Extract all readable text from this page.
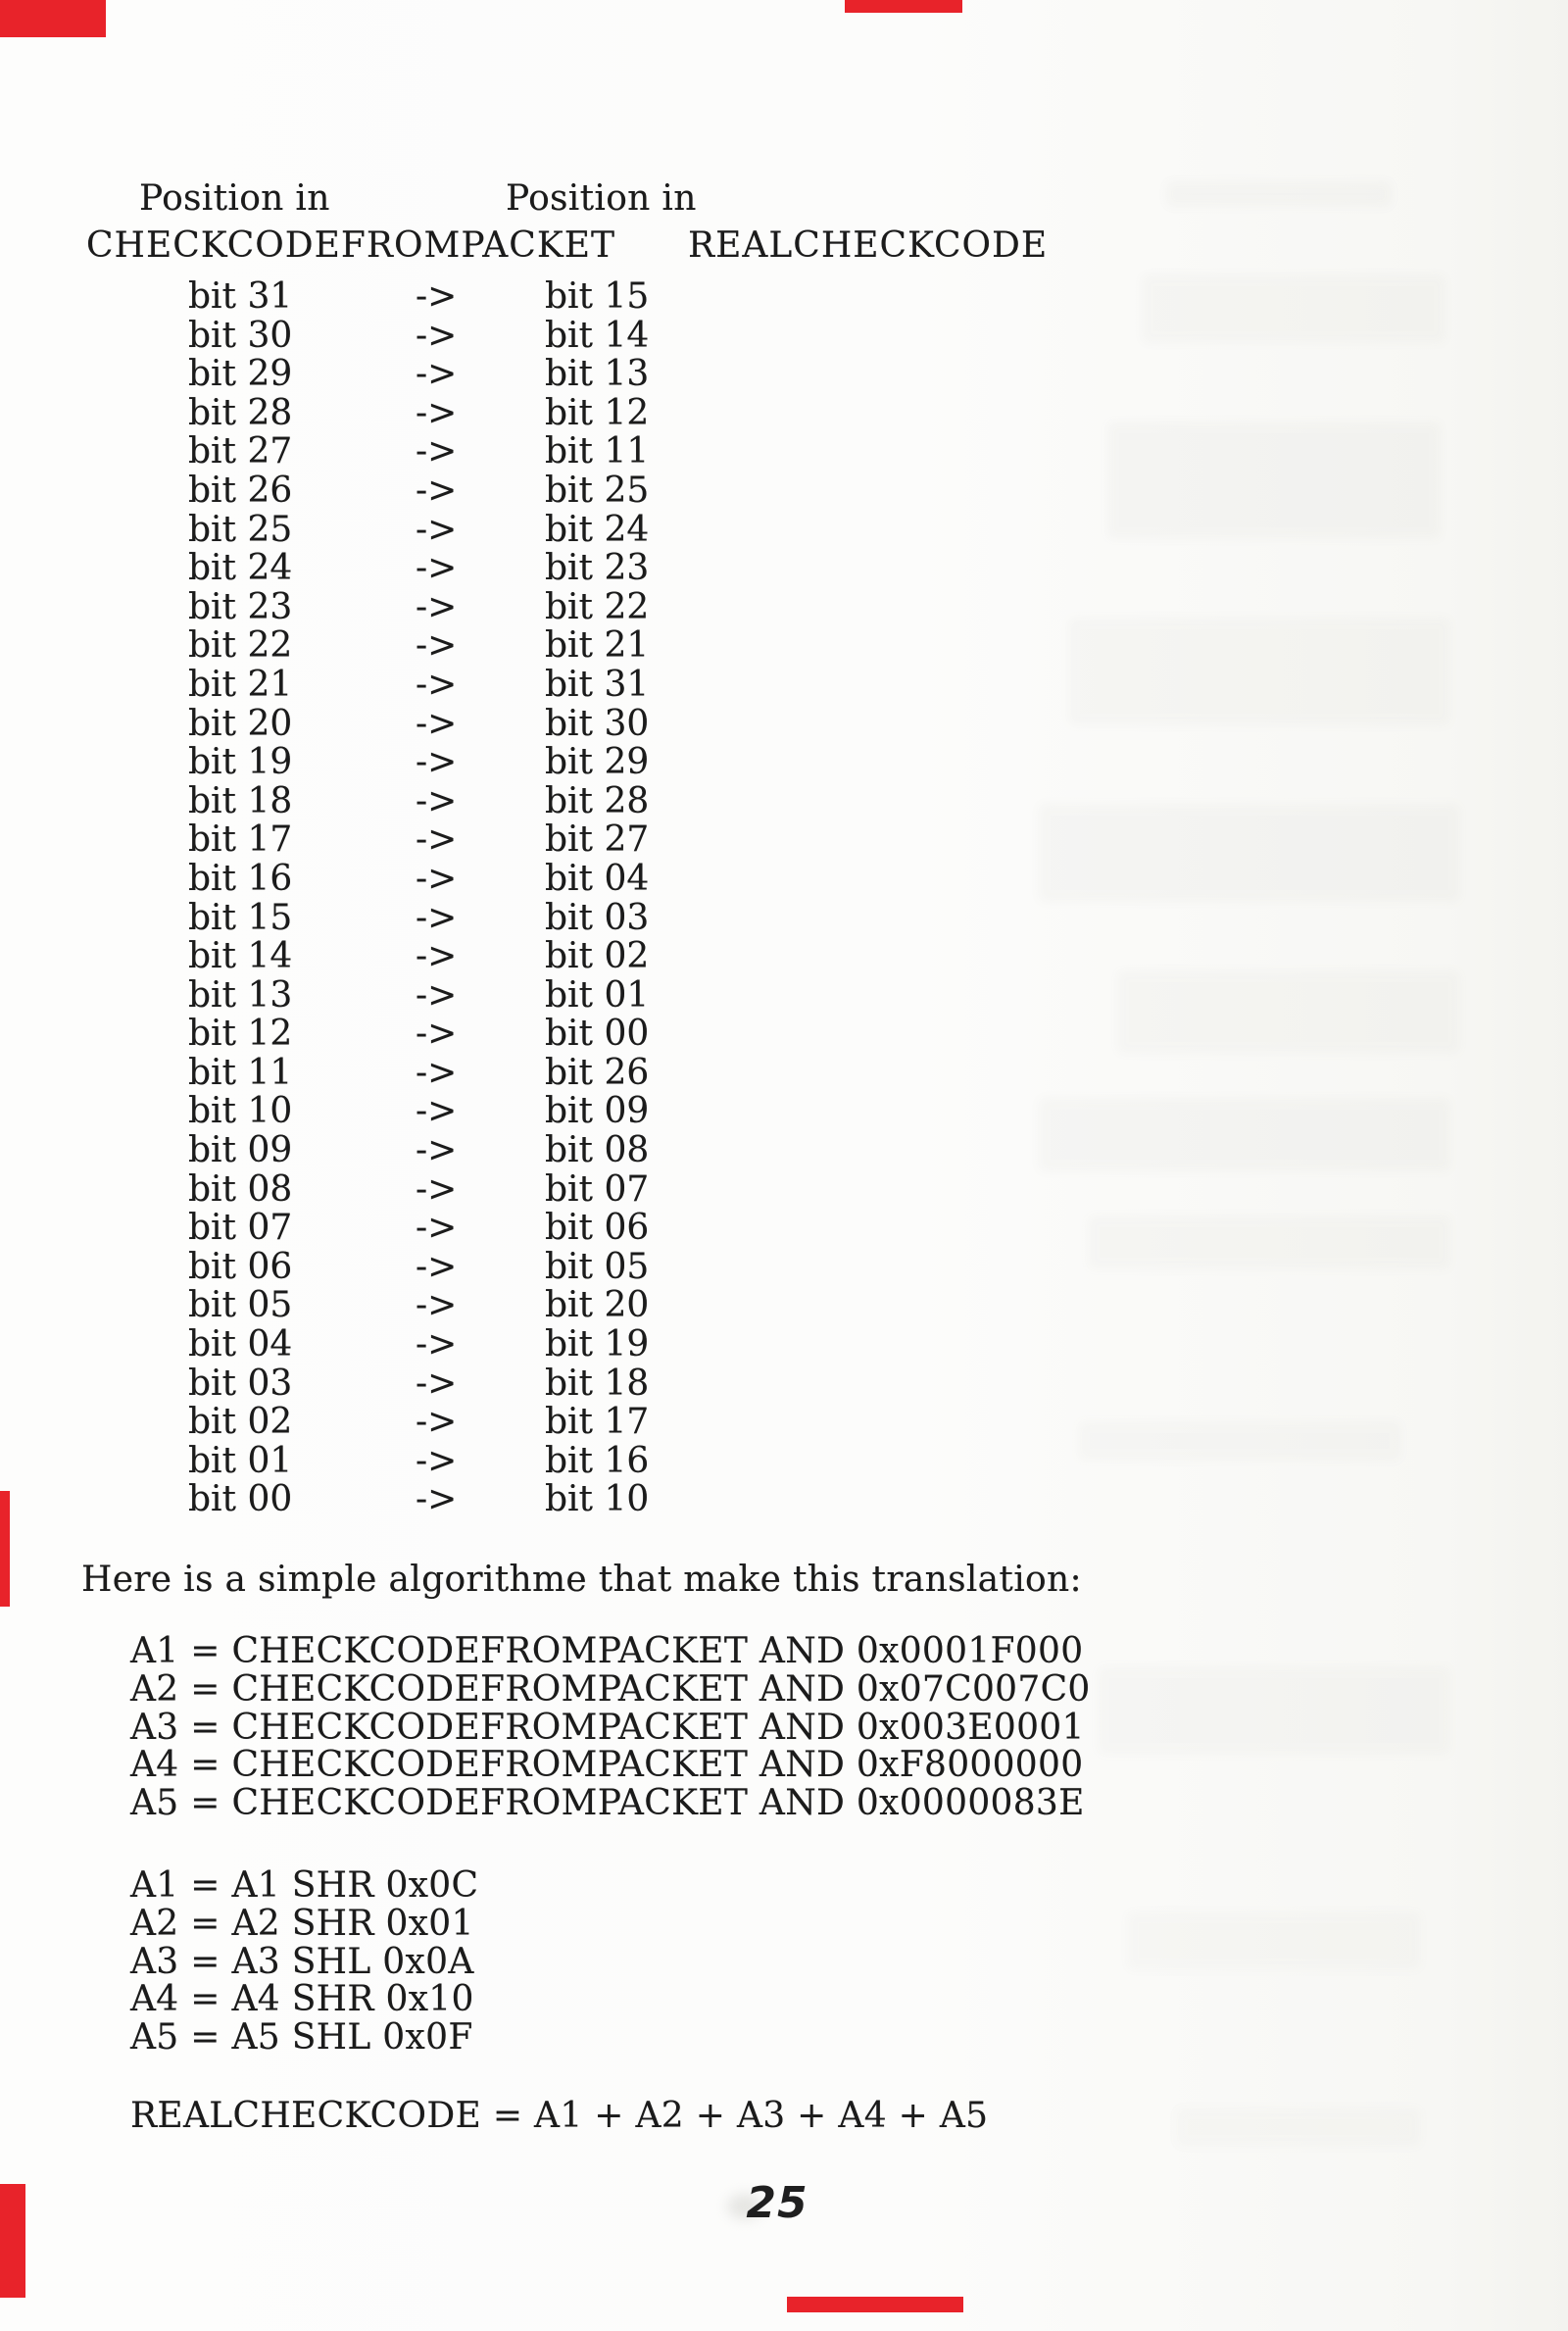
Position in	Position in
CHECKCODEFROMPACKET REALCHECKCODE
bit 31	-> bit 15
bit 30	-> bit 14
bit 29	-> bit 13
bit 28	-> bit 12
bit 27	-> bit 11
bit 26	-> bit 25
bit 25	-> bit 24
bit 24	-> bit 23
bit 23	-> bit 22
bit 22	-> bit 21
bit 21	-> bit 31
bit 20	-> bit 30
bit 19	-> bit 29
bit 18	-> bit 28
bit 17	-> bit 27
bit 16	-> bit 04
bit 15	-> bit 03
bit 14	-> bit 02
bit 13	-> bit 01
bit 12	-> bit 00
bit 11	-> bit 26
bit 10	-> bit 09
bit 09	-> bit 08
bit 08	-> bit 07
bit 07	-> bit 06
bit 06	-> bit 05
bit 05	-> bit 20
bit 04	-> bit 19
bit 03	-> bit 18
bit 02	-> bit 17
bit 01	-> bit 16
bit 00	-> bit 10
Here is a simple algorithme that make this translation:
A1 = CHECKCODEFROMPACKET AND 0x0001F000
A2 = CHECKCODEFROMPACKET AND 0x07C007C0
A3 = CHECKCODEFROMPACKET AND 0x003E0001
A4 = CHECKCODEFROMPACKET AND 0xF8000000
A5 = CHECKCODEFROMPACKET AND 0x0000083E
A1 = A1 SHR 0x0C
A2 = A2 SHR 0x01
A3 = A3 SHL 0x0A
A4 = A4 SHR 0x10
A5 = A5 SHL 0x0F
REALCHECKCODE = A1 + A2 + A3 + A4 + A5
25
